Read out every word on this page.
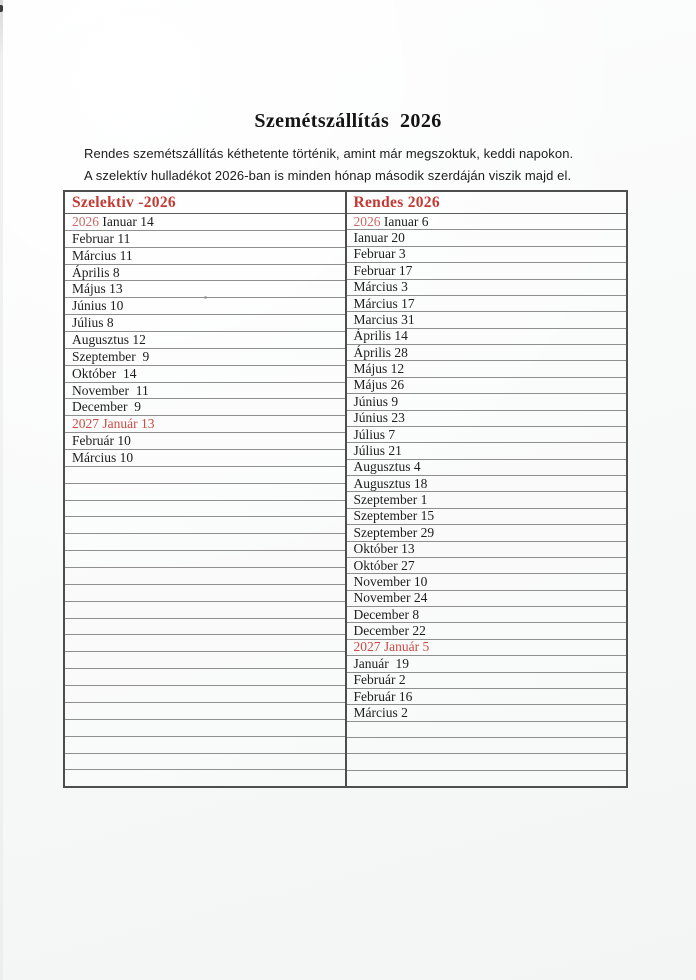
Szemétszállítás  2026

Rendes szemétszállítás kéthetente történik, amint már megszoktuk, keddi napokon.

A szelektív hulladékot 2026-ban is minden hónap második szerdáján viszik majd el.

Szelektiv -2026
2026 Ianuar 14
Februar 11
Március 11
Április 8
Május 13
Június 10
Július 8
Augusztus 12
Szeptember  9
Október  14
November  11
December  9
2027 Január 13
Február 10
Március 10
Rendes 2026
2026 Ianuar 6
Ianuar 20
Februar 3
Februar 17
Március 3
Március 17
Marcius 31
Április 14
Április 28
Május 12
Május 26
Június 9
Június 23
Július 7
Július 21
Augusztus 4
Augusztus 18
Szeptember 1
Szeptember 15
Szeptember 29
Október 13
Október 27
November 10
November 24
December 8
December 22
2027 Január 5
Január  19
Február 2
Február 16
Március 2
